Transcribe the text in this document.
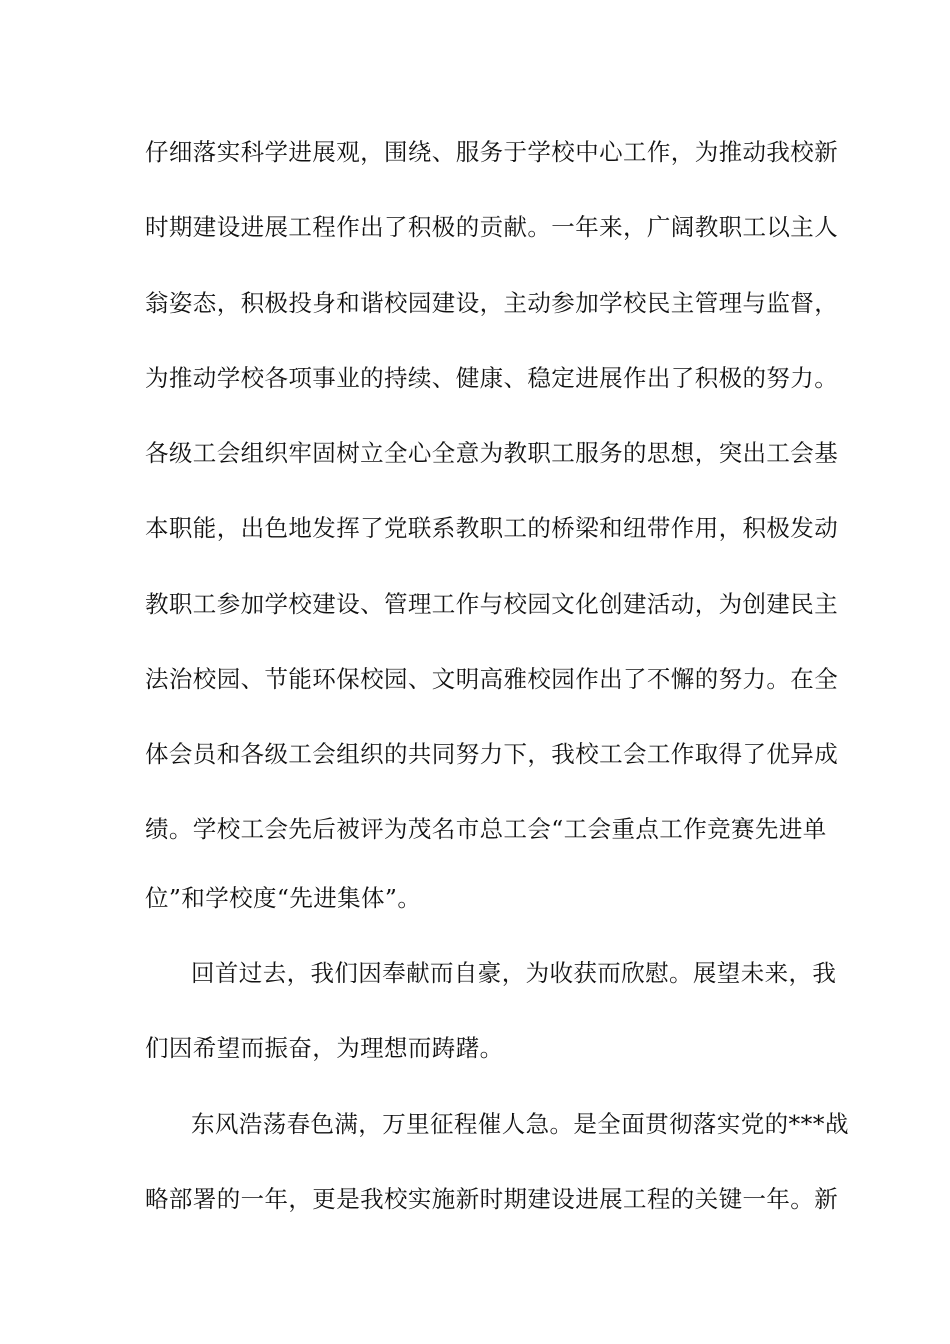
仔细落实科学进展观，围绕、服务于学校中心工作，为推动我校新
时期建设进展工程作出了积极的贡献。一年来，广阔教职工以主人
翁姿态，积极投身和谐校园建设，主动参加学校民主管理与监督，
为推动学校各项事业的持续、健康、稳定进展作出了积极的努力。
各级工会组织牢固树立全心全意为教职工服务的思想，突出工会基
本职能，出色地发挥了党联系教职工的桥梁和纽带作用，积极发动
教职工参加学校建设、管理工作与校园文化创建活动，为创建民主
法治校园、节能环保校园、文明高雅校园作出了不懈的努力。在全
体会员和各级工会组织的共同努力下，我校工会工作取得了优异成
绩。学校工会先后被评为茂名市总工会“工会重点工作竞赛先进单
位”和学校度“先进集体”。
回首过去，我们因奉献而自豪，为收获而欣慰。展望未来，我
们因希望而振奋，为理想而踌躇。
东风浩荡春色满，万里征程催人急。是全面贯彻落实党的***战
略部署的一年，更是我校实施新时期建设进展工程的关键一年。新
